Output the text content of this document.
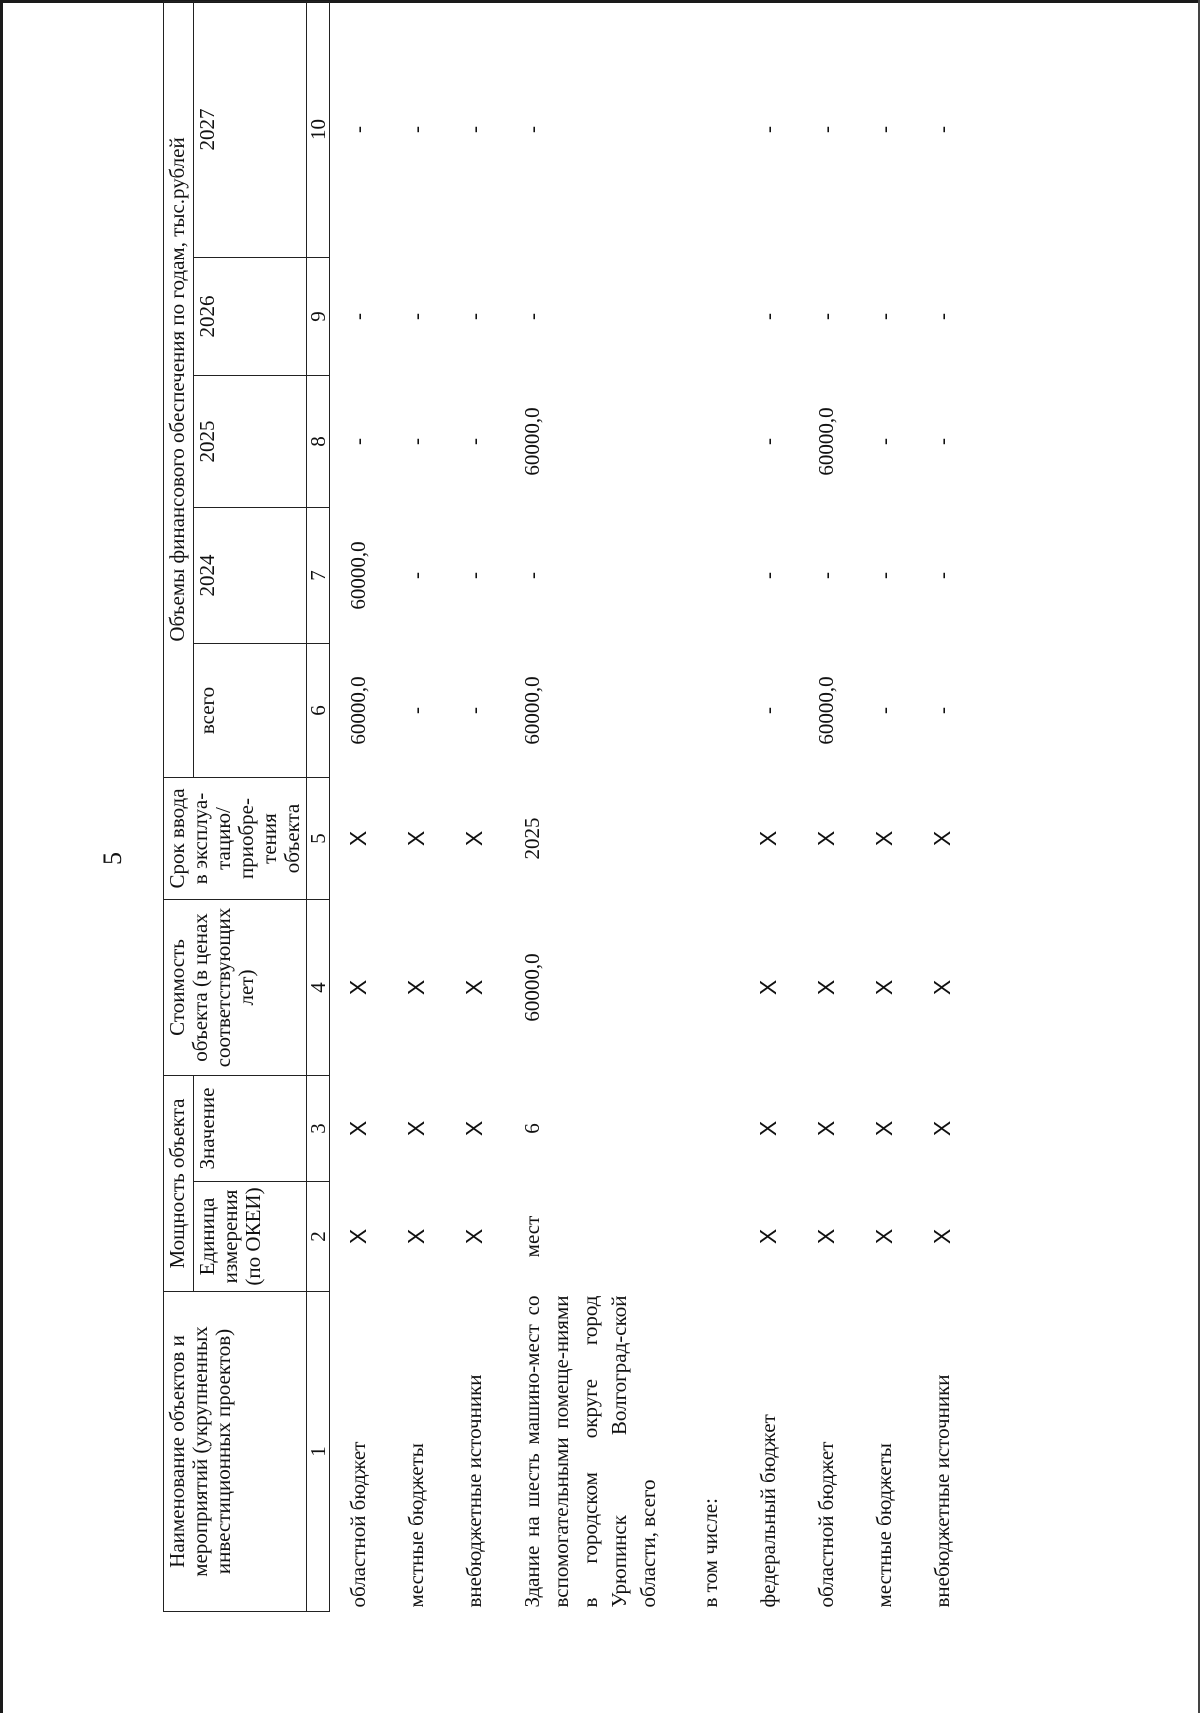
5
Наименование объектов и мероприятий (укрупненных инвестиционных проектов)	Мощность объекта		Стоимость объекта (в ценах соответствующих лет)	Срок ввода в эксплуа-тацию/ приобре-тения объекта	Объемы финансового обеспечения по годам, тыс.рублей				
	Единица измерения (по ОКЕИ)	Значение			всего	2024	2025	2026	2027
1	2	3	4	5	6	7	8	9	10
областной бюджет	X	X	X	X	60000,0	60000,0	-	-	-
местные бюджеты	X	X	X	X	-	-	-	-	-
внебюджетные источники	X	X	X	X	-	-	-	-	-
Здание на шесть машино-мест со вспомогательными помеще-ниями в городском округе город Урюпинск Волгоград-ской области, всего	мест	6	60000,0	2025	60000,0	-	60000,0	-	-
в том числе:									
федеральный бюджет	X	X	X	X	-	-	-	-	-
областной бюджет	X	X	X	X	60000,0	-	60000,0	-	-
местные бюджеты	X	X	X	X	-	-	-	-	-
внебюджетные источники	X	X	X	X	-	-	-	-	-
